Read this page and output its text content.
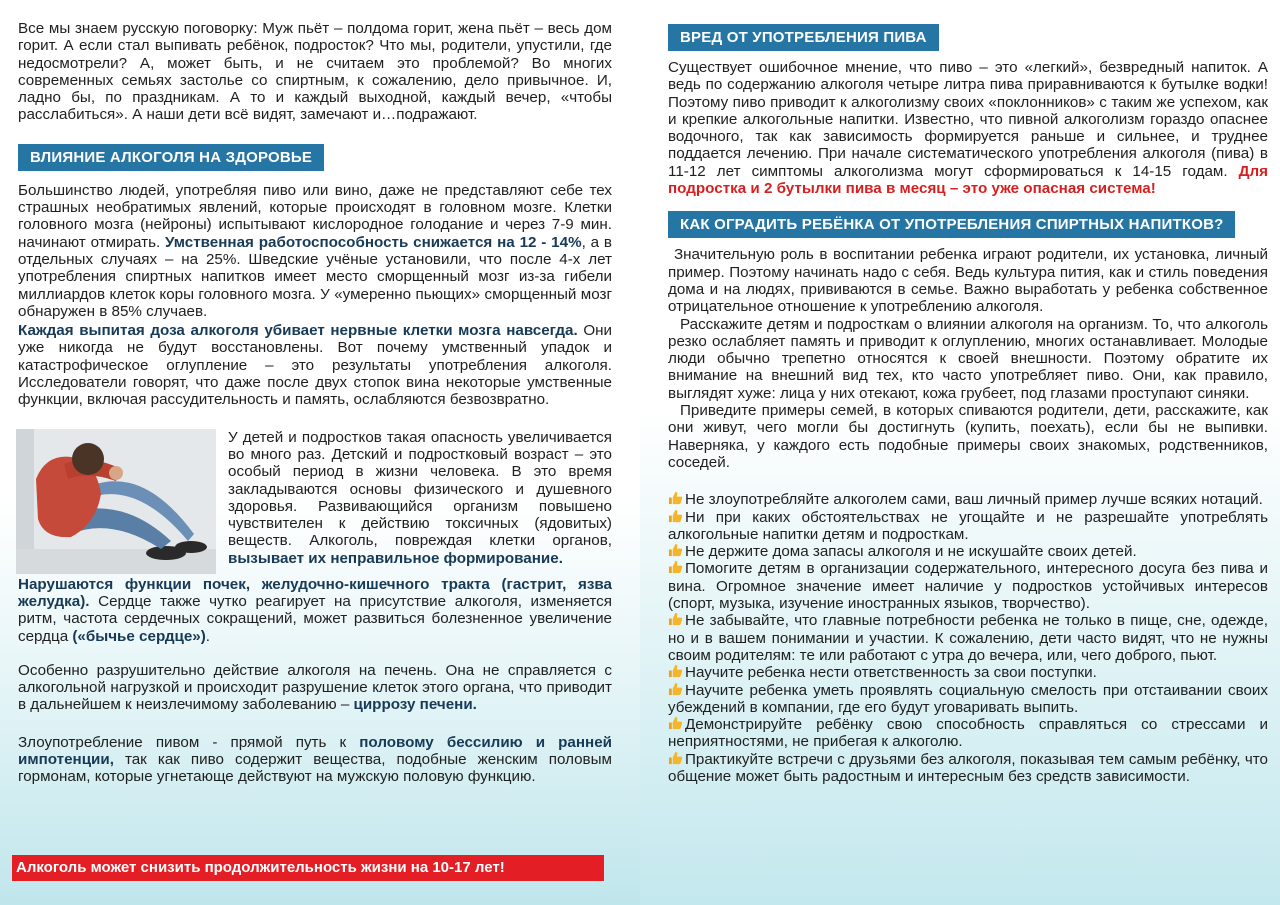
Все мы знаем русскую поговорку: Муж пьёт – полдома горит, жена пьёт – весь дом горит. А если стал выпивать ребёнок, подросток? Что мы, родители, упустили, где недосмотрели? А, может быть, и не считаем это проблемой? Во многих современных семьях застолье со спиртным, к сожалению, дело привычное. И, ладно бы, по праздникам. А то и каждый выходной, каждый вечер, «чтобы расслабиться». А наши дети всё видят, замечают и…подражают.

ВЛИЯНИЕ АЛКОГОЛЯ НА ЗДОРОВЬЕ

Большинство людей, употребляя пиво или вино, даже не представляют себе тех страшных необратимых явлений, которые происходят в головном мозге. Клетки головного мозга (нейроны) испытывают кислородное голодание и через 7-9 мин. начинают отмирать. Умственная работоспособность снижается на 12 - 14%, а в отдельных случаях – на 25%. Шведские учёные установили, что после 4-х лет употребления спиртных напитков имеет место сморщенный мозг из-за гибели миллиардов клеток коры головного мозга. У «умеренно пьющих» сморщенный мозг обнаружен в 85% случаев.

Каждая выпитая доза алкоголя убивает нервные клетки мозга навсегда. Они уже никогда не будут восстановлены. Вот почему умственный упадок и катастрофическое оглупление – это результаты употребления алкоголя. Исследователи говорят, что даже после двух стопок вина некоторые умственные функции, включая рассудительность и память, ослабляются безвозвратно.

У детей и подростков такая опасность увеличивается во много раз. Детский и подростковый возраст – это особый период в жизни человека. В это время закладываются основы физического и душевного здоровья. Развивающийся организм повышено чувствителен к действию токсичных (ядовитых) веществ. Алкоголь, повреждая клетки органов, вызывает их неправильное формирование.

Нарушаются функции почек, желудочно-кишечного тракта (гастрит, язва желудка). Сердце также чутко реагирует на присутствие алкоголя, изменяется ритм, частота сердечных сокращений, может развиться болезненное увеличение сердца («бычье сердце»).

Особенно разрушительно действие алкоголя на печень. Она не справляется с алкогольной нагрузкой и происходит разрушение клеток этого органа, что приводит в дальнейшем к неизлечимому заболеванию – циррозу печени.

Злоупотребление пивом - прямой путь к половому бессилию и ранней импотенции, так как пиво содержит вещества, подобные женским половым гормонам, которые угнетающе действуют на мужскую половую функцию.

Алкоголь может снизить продолжительность жизни на 10-17 лет!
ВРЕД ОТ УПОТРЕБЛЕНИЯ ПИВА

Существует ошибочное мнение, что пиво – это «легкий», безвредный напиток. А ведь по содержанию алкоголя четыре литра пива приравниваются к бутылке водки! Поэтому пиво приводит к алкоголизму своих «поклонников» с таким же успехом, как и крепкие алкогольные напитки. Известно, что пивной алкоголизм гораздо опаснее водочного, так как зависимость формируется раньше и сильнее, и труднее поддается лечению. При начале систематического употребления алкоголя (пива) в 11-12 лет симптомы алкоголизма могут сформироваться к 14-15 годам. Для подростка и 2 бутылки пива в месяц – это уже опасная система!

КАК ОГРАДИТЬ РЕБЁНКА ОТ УПОТРЕБЛЕНИЯ СПИРТНЫХ НАПИТКОВ?

Значительную роль в воспитании ребенка играют родители, их установка, личный пример. Поэтому начинать надо с себя. Ведь культура пития, как и стиль поведения дома и на людях, прививаются в семье. Важно выработать у ребенка собственное отрицательное отношение к употреблению алкоголя.

Расскажите детям и подросткам о влиянии алкоголя на организм. То, что алкоголь резко ослабляет память и приводит к оглуплению, многих останавливает. Молодые люди обычно трепетно относятся к своей внешности. Поэтому обратите их внимание на внешний вид тех, кто часто употребляет пиво. Они, как правило, выглядят хуже: лица у них отекают, кожа грубеет, под глазами проступают синяки.

Приведите примеры семей, в которых спиваются родители, дети, расскажите, как они живут, чего могли бы достигнуть (купить, поехать), если бы не выпивки. Наверняка, у каждого есть подобные примеры своих знакомых, родственников, соседей.

Не злоупотребляйте алкоголем сами, ваш личный пример лучше всяких нотаций.
Ни при каких обстоятельствах не угощайте и не разрешайте употреблять алкогольные напитки детям и подросткам.
Не держите дома запасы алкоголя и не искушайте своих детей.
Помогите детям в организации содержательного, интересного досуга без пива и вина. Огромное значение имеет наличие у подростков устойчивых интересов (спорт, музыка, изучение иностранных языков, творчество).
Не забывайте, что главные потребности ребенка не только в пище, сне, одежде, но и в вашем понимании и участии. К сожалению, дети часто видят, что не нужны своим родителям: те или работают с утра до вечера, или, чего доброго, пьют.
Научите ребенка нести ответственность за свои поступки.
Научите ребенка уметь проявлять социальную смелость при отстаивании своих убеждений в компании, где его будут уговаривать выпить.
Демонстрируйте ребёнку свою способность справляться со стрессами и неприятностями, не прибегая к алкоголю.
Практикуйте встречи с друзьями без алкоголя, показывая тем самым ребёнку, что общение может быть радостным и интересным без средств зависимости.
